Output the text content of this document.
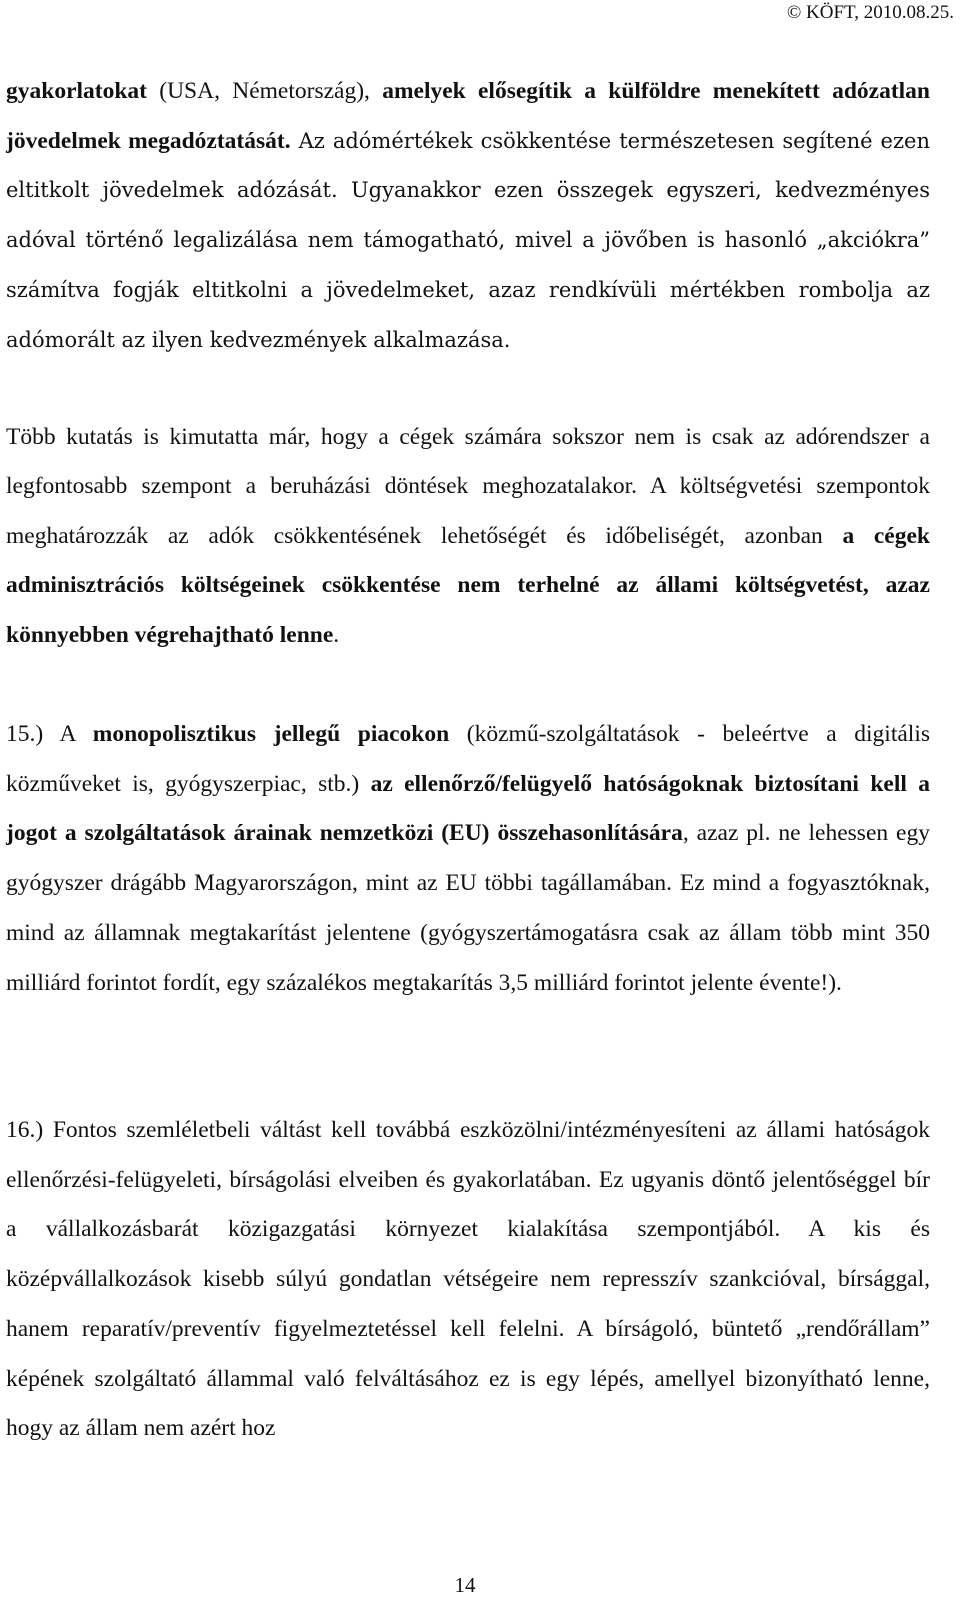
© KÖFT, 2010.08.25.

gyakorlatokat (USA, Németország), amelyek elősegítik a külföldre menekített adózatlan jövedelmek megadóztatását. Az adómértékek csökkentése természetesen segítené ezen eltitkolt jövedelmek adózását. Ugyanakkor ezen összegek egyszeri, kedvezményes adóval történő legalizálása nem támogatható, mivel a jövőben is hasonló „akciókra” számítva fogják eltitkolni a jövedelmeket, azaz rendkívüli mértékben rombolja az adómorált az ilyen kedvezmények alkalmazása.

Több kutatás is kimutatta már, hogy a cégek számára sokszor nem is csak az adórendszer a legfontosabb szempont a beruházási döntések meghozatalakor. A költségvetési szempontok meghatározzák az adók csökkentésének lehetőségét és időbeliségét, azonban a cégek adminisztrációs költségeinek csökkentése nem terhelné az állami költségvetést, azaz könnyebben végrehajtható lenne.

15.) A monopolisztikus jellegű piacokon (közmű-szolgáltatások - beleértve a digitális közműveket is, gyógyszerpiac, stb.) az ellenőrző/felügyelő hatóságoknak biztosítani kell a jogot a szolgáltatások árainak nemzetközi (EU) összehasonlítására, azaz pl. ne lehessen egy gyógyszer drágább Magyarországon, mint az EU többi tagállamában. Ez mind a fogyasztóknak, mind az államnak megtakarítást jelentene (gyógyszertámogatásra csak az állam több mint 350 milliárd forintot fordít, egy százalékos megtakarítás 3,5 milliárd forintot jelente évente!).

16.) Fontos szemléletbeli váltást kell továbbá eszközölni/intézményesíteni az állami hatóságok ellenőrzési-felügyeleti, bírságolási elveiben és gyakorlatában. Ez ugyanis döntő jelentőséggel bír a vállalkozásbarát közigazgatási környezet kialakítása szempontjából. A kis és középvállalkozások kisebb súlyú gondatlan vétségeire nem represszív szankcióval, bírsággal, hanem reparatív/preventív figyelmeztetéssel kell felelni. A bírságoló, büntető „rendőrállam” képének szolgáltató állammal való felváltásához ez is egy lépés, amellyel bizonyítható lenne, hogy az állam nem azért hoz

14
